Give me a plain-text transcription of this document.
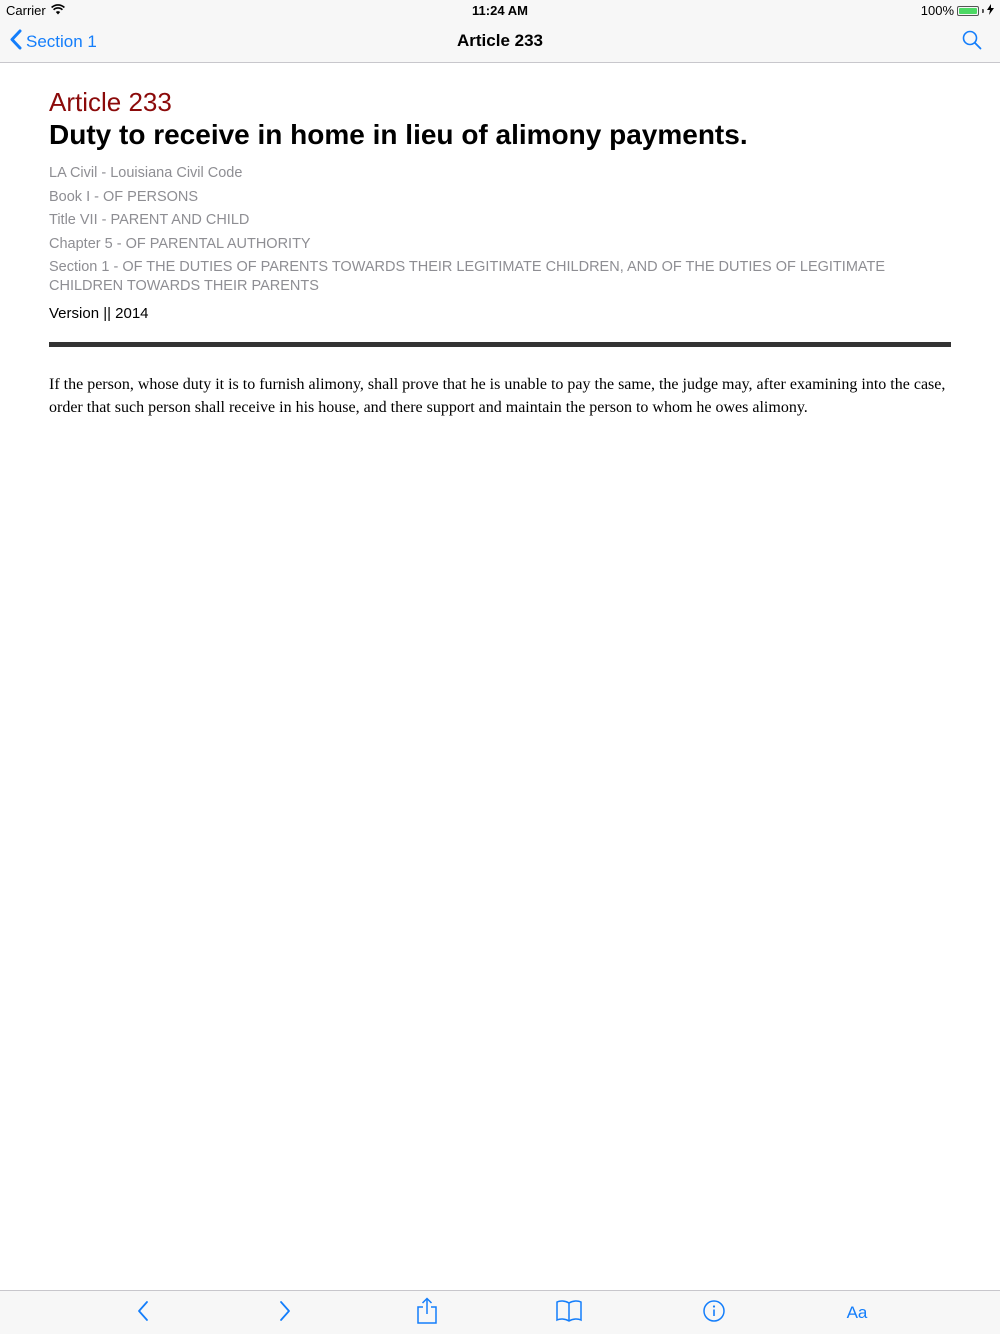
Carrier	11:24 AM	100%
Section 1	Article 233
Article 233
Duty to receive in home in lieu of alimony payments.
LA Civil - Louisiana Civil Code
Book I - OF PERSONS
Title VII - PARENT AND CHILD
Chapter 5 - OF PARENTAL AUTHORITY
Section 1 - OF THE DUTIES OF PARENTS TOWARDS THEIR LEGITIMATE CHILDREN, AND OF THE DUTIES OF LEGITIMATE CHILDREN TOWARDS THEIR PARENTS
Version || 2014
If the person, whose duty it is to furnish alimony, shall prove that he is unable to pay the same, the judge may, after examining into the case, order that such person shall receive in his house, and there support and maintain the person to whom he owes alimony.
Aa
